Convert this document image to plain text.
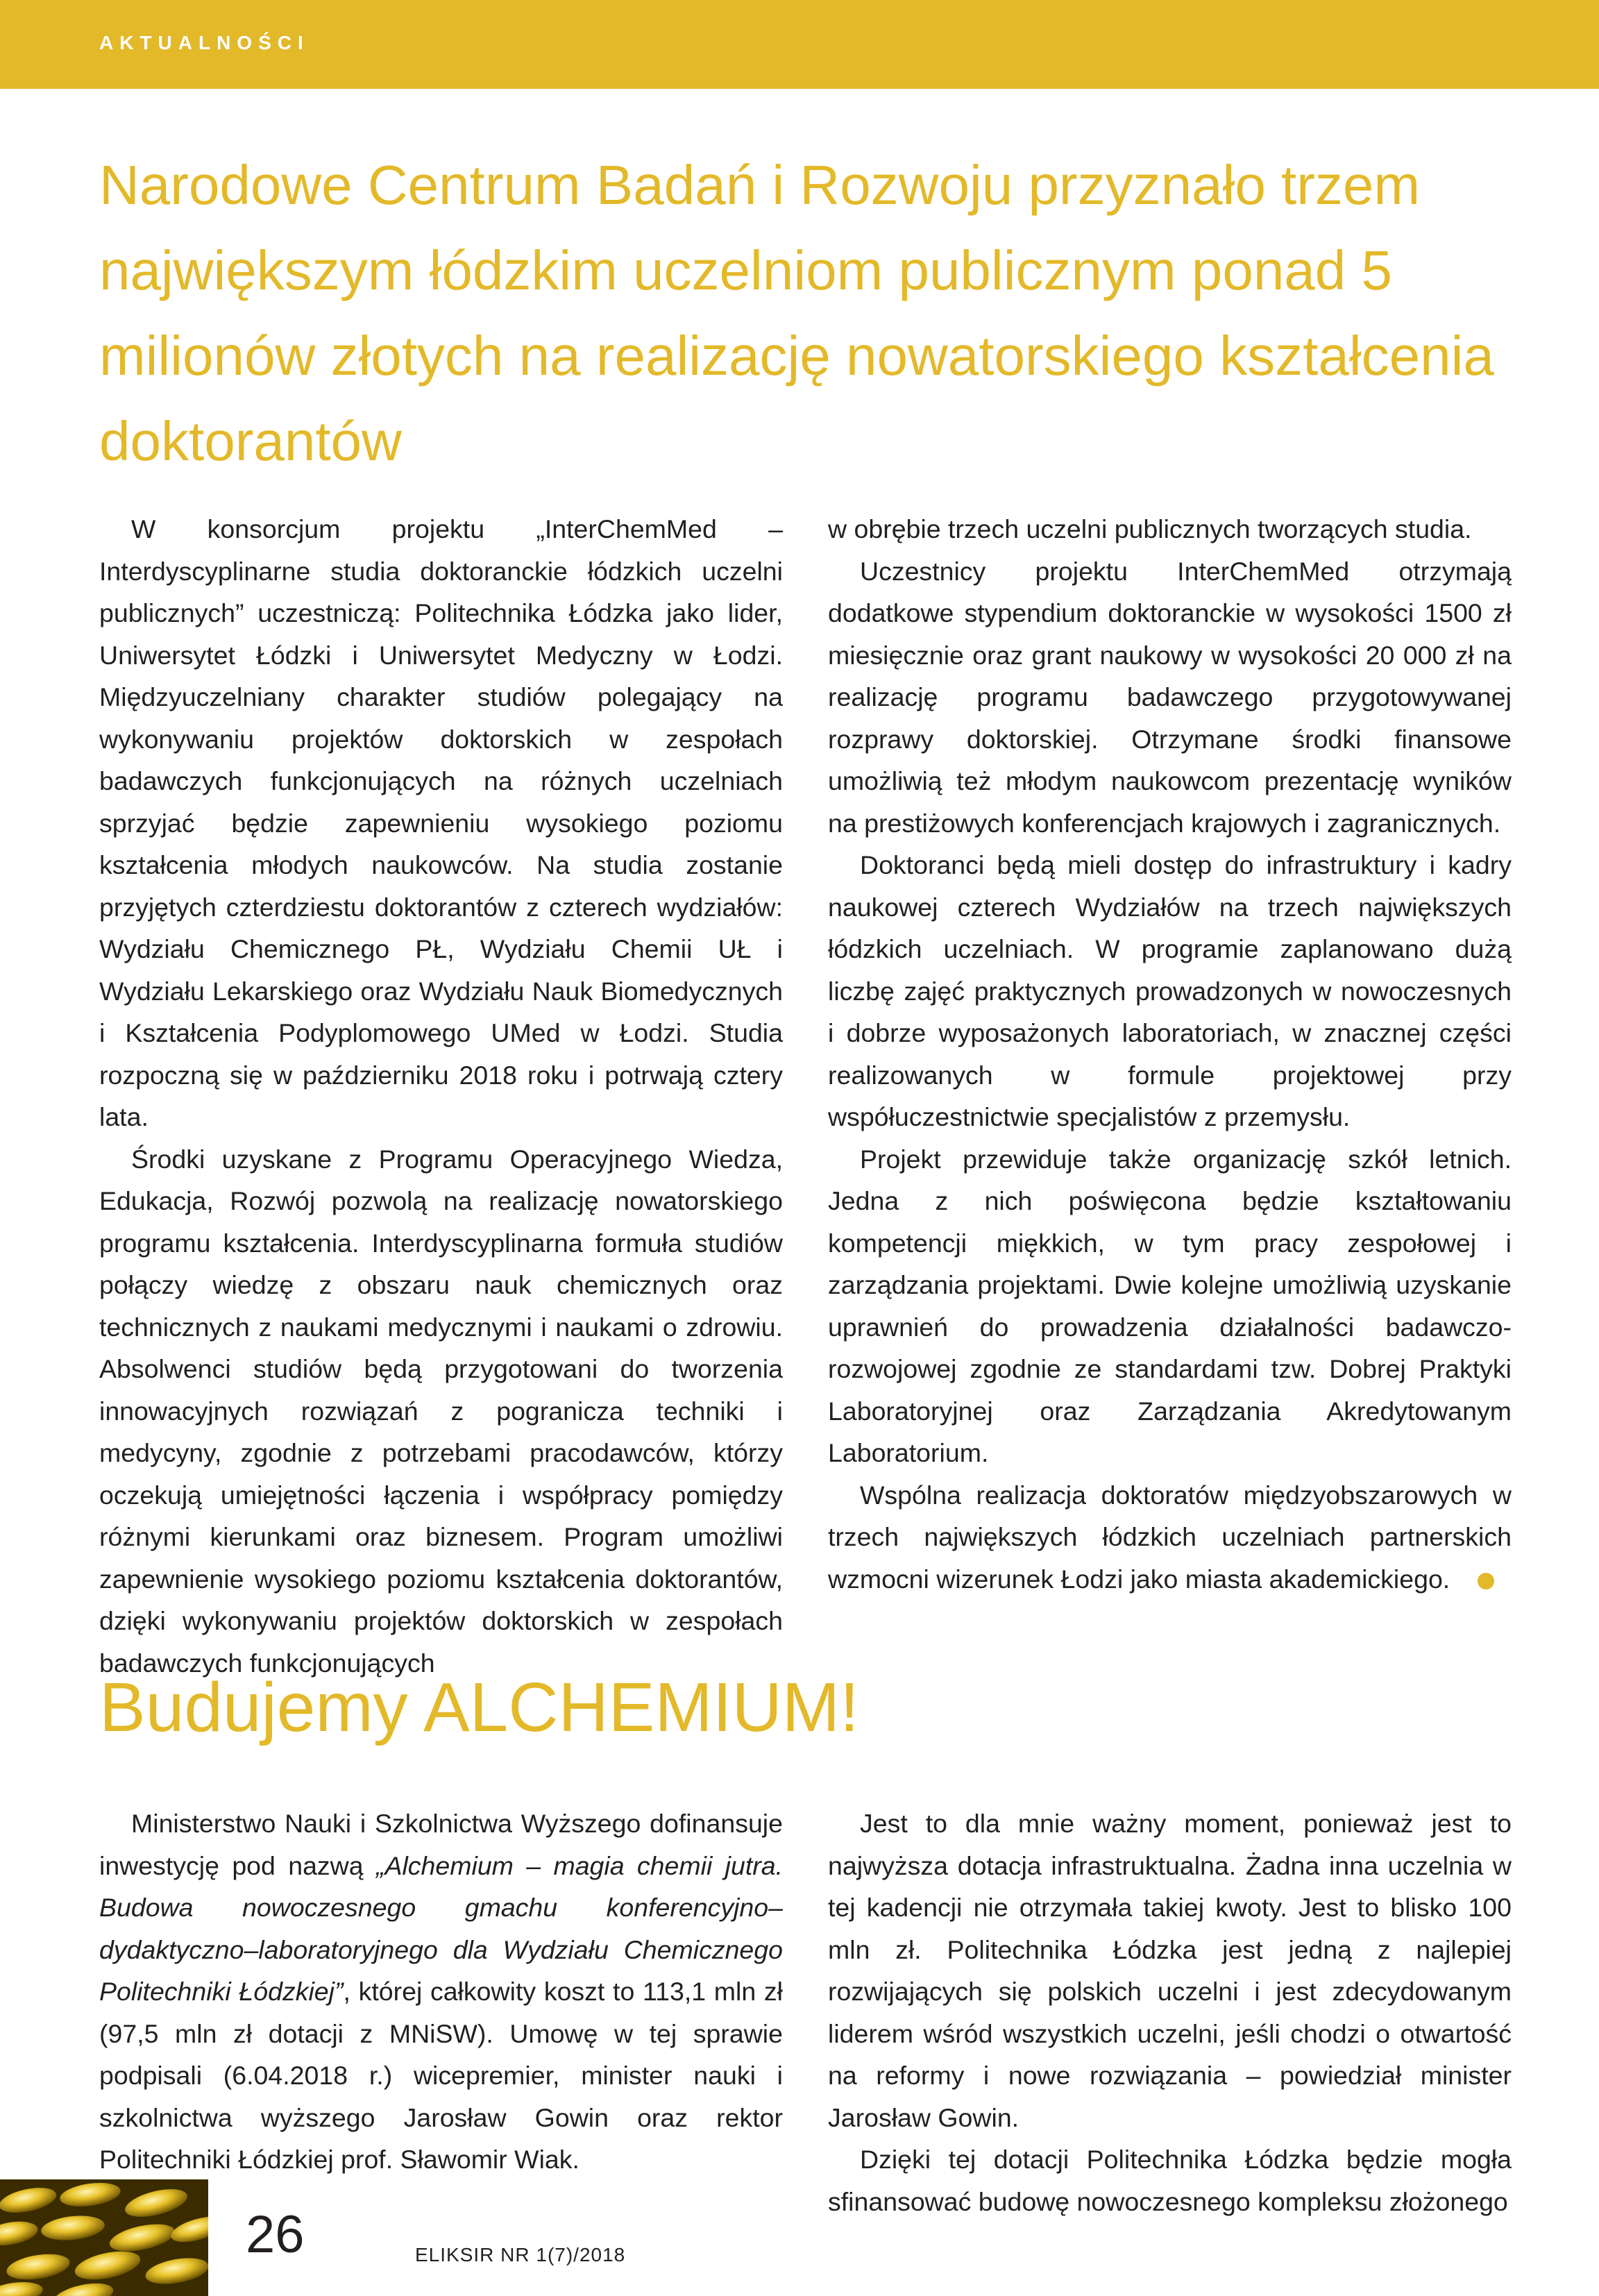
AKTUALNOŚCI
Narodowe Centrum Badań i Rozwoju przyznało trzem największym łódzkim uczelniom publicznym ponad 5 milionów złotych na realizację nowatorskiego kształcenia doktorantów

W konsorcjum projektu „InterChemMed – Interdyscyplinarne studia doktoranckie łódzkich uczelni publicznych” uczestniczą: Politechnika Łódzka jako lider, Uniwersytet Łódzki i Uniwersytet Medyczny w Łodzi. Międzyuczelniany charakter studiów polegający na wykonywaniu projektów doktorskich w zespołach badawczych funkcjonujących na różnych uczelniach sprzyjać będzie zapewnieniu wysokiego poziomu kształcenia młodych naukowców. Na studia zostanie przyjętych czterdziestu doktorantów z czterech wydziałów: Wydziału Chemicznego PŁ, Wydziału Chemii UŁ i Wydziału Lekarskiego oraz Wydziału Nauk Biomedycznych i Kształcenia Podyplomowego UMed w Łodzi. Studia rozpoczną się w październiku 2018 roku i potrwają cztery lata.

Środki uzyskane z Programu Operacyjnego Wiedza, Edukacja, Rozwój pozwolą na realizację nowatorskiego programu kształcenia. Interdyscyplinarna formuła studiów połączy wiedzę z obszaru nauk chemicznych oraz technicznych z naukami medycznymi i naukami o zdrowiu. Absolwenci studiów będą przygotowani do tworzenia innowacyjnych rozwiązań z pogranicza techniki i medycyny, zgodnie z potrzebami pracodawców, którzy oczekują umiejętności łączenia i współpracy pomiędzy różnymi kierunkami oraz biznesem. Program umożliwi zapewnienie wysokiego poziomu kształcenia doktorantów, dzięki wykonywaniu projektów doktorskich w zespołach badawczych funkcjonujących

w obrębie trzech uczelni publicznych tworzących studia.

Uczestnicy projektu InterChemMed otrzymają dodatkowe stypendium doktoranckie w wysokości 1500 zł miesięcznie oraz grant naukowy w wysokości 20 000 zł na realizację programu badawczego przygotowywanej rozprawy doktorskiej. Otrzymane środki finansowe umożliwią też młodym naukowcom prezentację wyników na prestiżowych konferencjach krajowych i zagranicznych.

Doktoranci będą mieli dostęp do infrastruktury i kadry naukowej czterech Wydziałów na trzech największych łódzkich uczelniach. W programie zaplanowano dużą liczbę zajęć praktycznych prowadzonych w nowoczesnych i dobrze wyposażonych laboratoriach, w znacznej części realizowanych w formule projektowej przy współuczestnictwie specjalistów z przemysłu.

Projekt przewiduje także organizację szkół letnich. Jedna z nich poświęcona będzie kształtowaniu kompetencji miękkich, w tym pracy zespołowej i zarządzania projektami. Dwie kolejne umożliwią uzyskanie uprawnień do prowadzenia działalności badawczo-rozwojowej zgodnie ze standardami tzw. Dobrej Praktyki Laboratoryjnej oraz Zarządzania Akredytowanym Laboratorium.

Wspólna realizacja doktoratów międzyobszarowych w trzech największych łódzkich uczelniach partnerskich wzmocni wizerunek Łodzi jako miasta akademickiego.

Budujemy ALCHEMIUM!

Ministerstwo Nauki i Szkolnictwa Wyższego dofinansuje inwestycję pod nazwą „Alchemium – magia chemii jutra. Budowa nowoczesnego gmachu konferencyjno–dydaktyczno–laboratoryjnego dla Wydziału Chemicznego Politechniki Łódzkiej”, której całkowity koszt to 113,1 mln zł (97,5 mln zł dotacji z MNiSW). Umowę w tej sprawie podpisali (6.04.2018 r.) wicepremier, minister nauki i szkolnictwa wyższego Jarosław Gowin oraz rektor Politechniki Łódzkiej prof. Sławomir Wiak.

Jest to dla mnie ważny moment, ponieważ jest to najwyższa dotacja infrastruktualna. Żadna inna uczelnia w tej kadencji nie otrzymała takiej kwoty. Jest to blisko 100 mln zł. Politechnika Łódzka jest jedną z najlepiej rozwijających się polskich uczelni i jest zdecydowanym liderem wśród wszystkich uczelni, jeśli chodzi o otwartość na reformy i nowe rozwiązania – powiedział minister Jarosław Gowin.

Dzięki tej dotacji Politechnika Łódzka będzie mogła sfinansować budowę nowoczesnego kompleksu złożonego

26	ELIKSIR NR 1(7)/2018
